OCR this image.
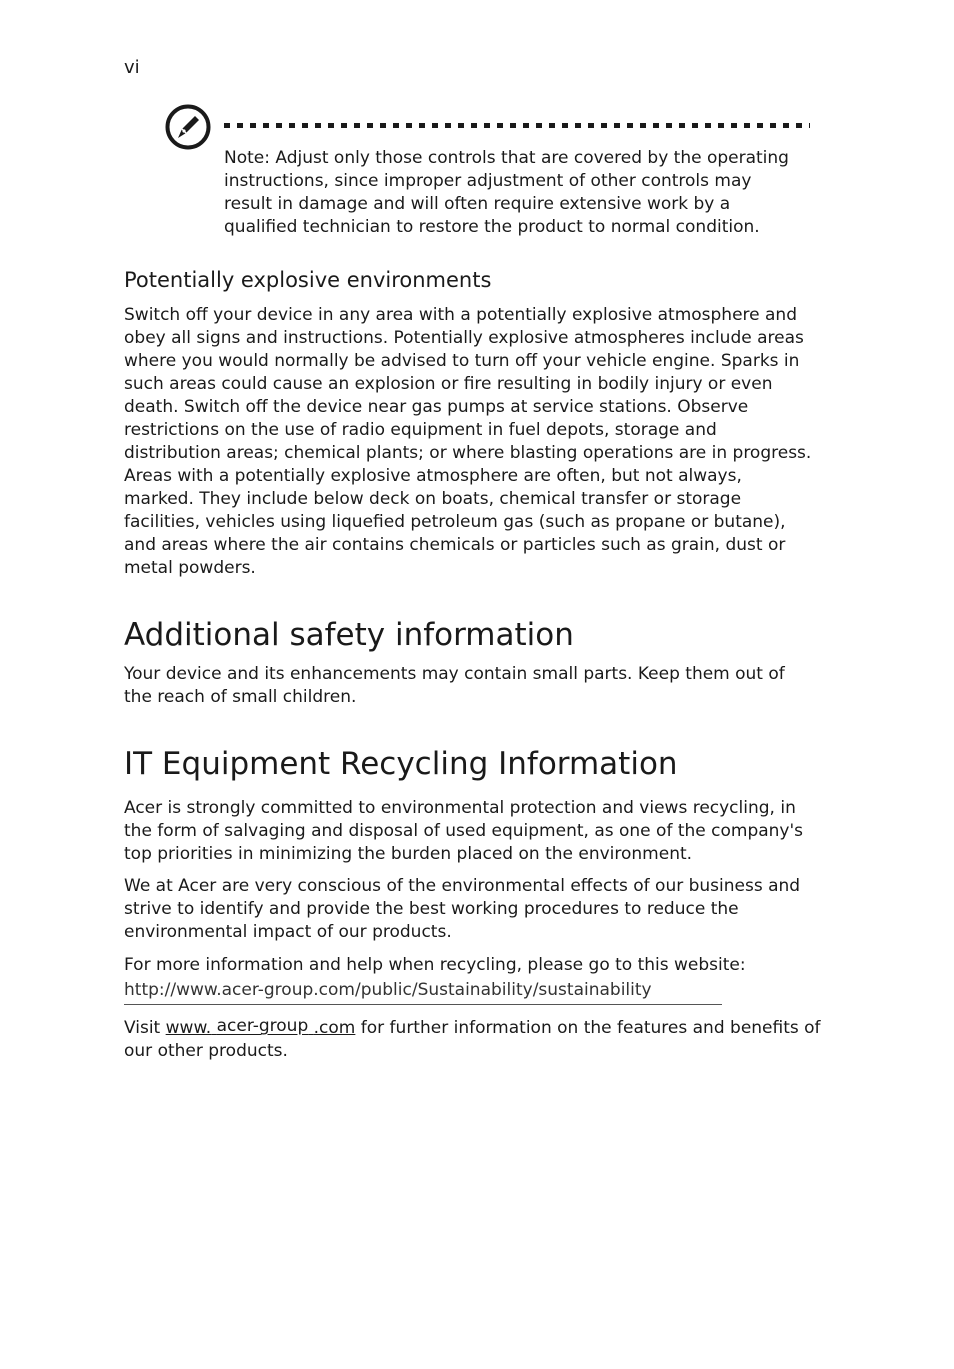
vi
Note: Adjust only those controls that are covered by the operating instructions, since improper adjustment of other controls may result in damage and will often require extensive work by a qualified technician to restore the product to normal condition.
Potentially explosive environments

Switch off your device in any area with a potentially explosive atmosphere and obey all signs and instructions. Potentially explosive atmospheres include areas where you would normally be advised to turn off your vehicle engine. Sparks in such areas could cause an explosion or fire resulting in bodily injury or even death. Switch off the device near gas pumps at service stations. Observe restrictions on the use of radio equipment in fuel depots, storage and distribution areas; chemical plants; or where blasting operations are in progress. Areas with a potentially explosive atmosphere are often, but not always, marked. They include below deck on boats, chemical transfer or storage facilities, vehicles using liquefied petroleum gas (such as propane or butane), and areas where the air contains chemicals or particles such as grain, dust or metal powders.

Additional safety information

Your device and its enhancements may contain small parts. Keep them out of the reach of small children.

IT Equipment Recycling Information

Acer is strongly committed to environmental protection and views recycling, in the form of salvaging and disposal of used equipment, as one of the company's top priorities in minimizing the burden placed on the environment.

We at Acer are very conscious of the environmental effects of our business and strive to identify and provide the best working procedures to reduce the environmental impact of our products.

For more information and help when recycling, please go to this website:

http://www.acer-group.com/public/Sustainability/sustainability
Visit www. acer-group .com for further information on the features and benefits of our other products.
